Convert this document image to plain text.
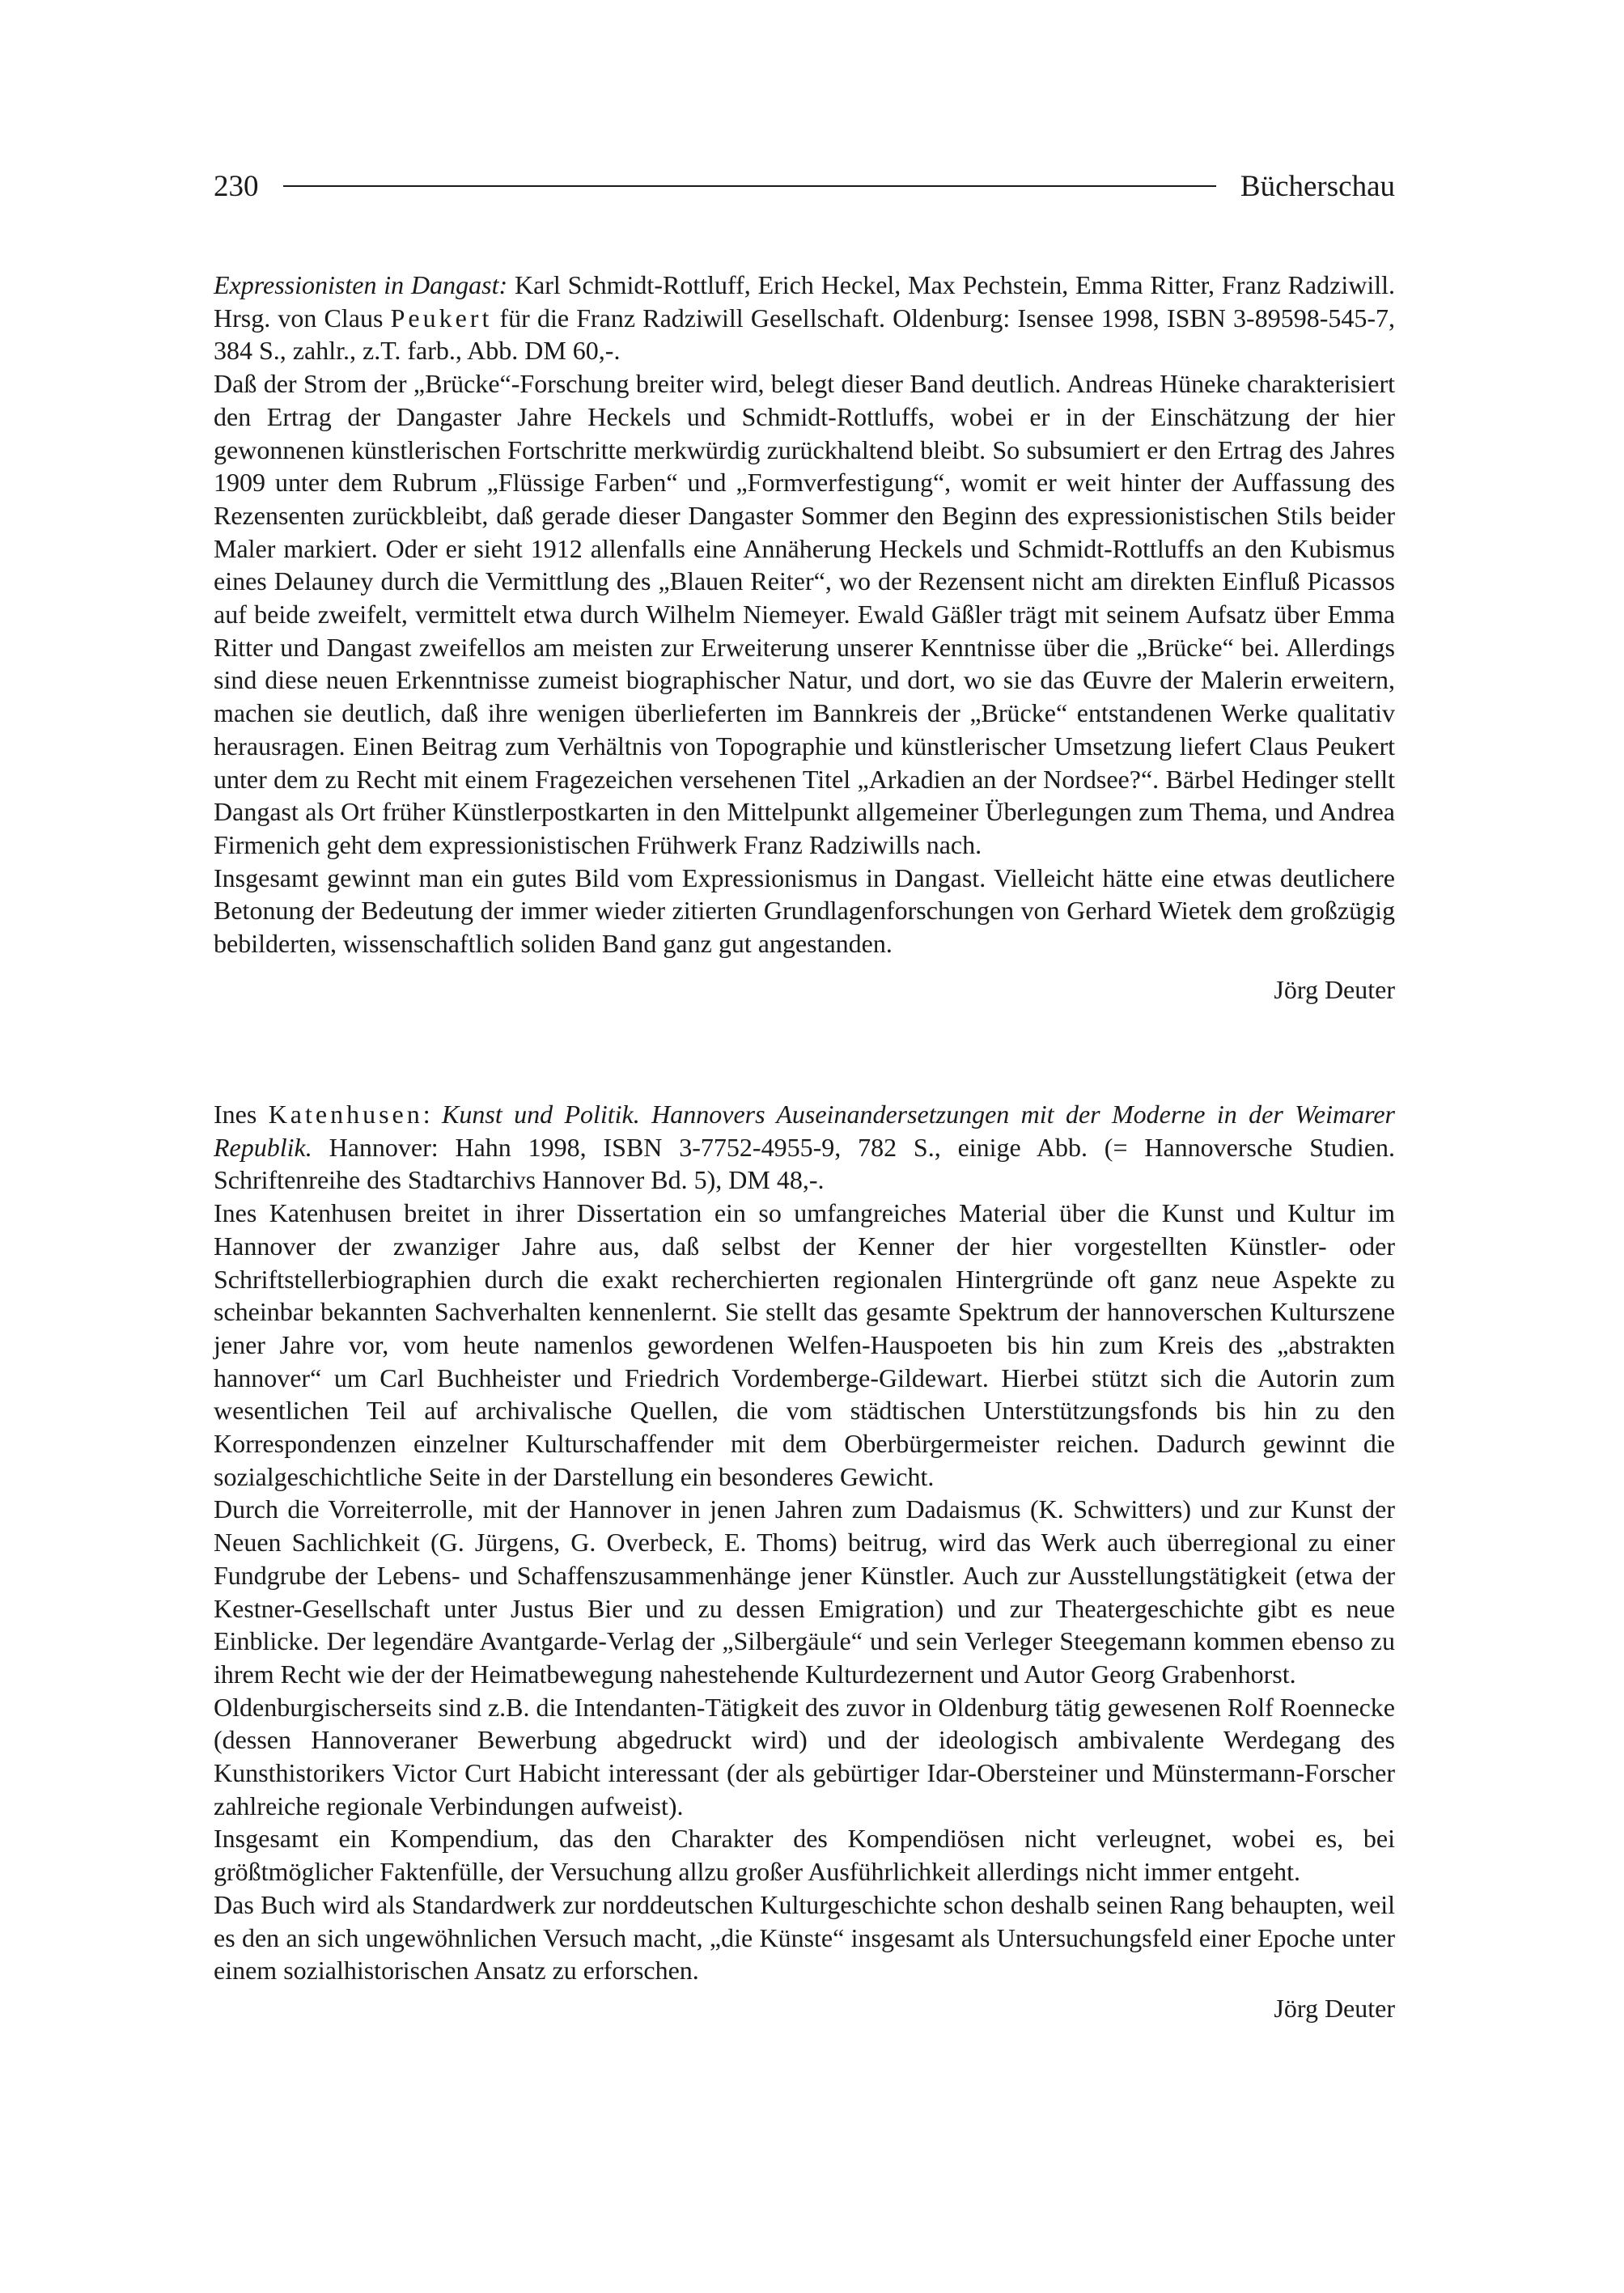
230	Bücherschau

Expressionisten in Dangast: Karl Schmidt-Rottluff, Erich Heckel, Max Pechstein, Emma Ritter, Franz Radziwill. Hrsg. von Claus Peukert für die Franz Radziwill Gesellschaft. Oldenburg: Isensee 1998, ISBN 3-89598-545-7, 384 S., zahlr., z.T. farb., Abb. DM 60,-.

Daß der Strom der „Brücke“-Forschung breiter wird, belegt dieser Band deutlich. Andreas Hüneke charakterisiert den Ertrag der Dangaster Jahre Heckels und Schmidt-Rottluffs, wobei er in der Einschätzung der hier gewonnenen künstlerischen Fortschritte merkwürdig zurückhaltend bleibt. So subsumiert er den Ertrag des Jahres 1909 unter dem Rubrum „Flüssige Farben“ und „Formverfestigung“, womit er weit hinter der Auffassung des Rezensenten zurückbleibt, daß gerade dieser Dangaster Sommer den Beginn des expressionistischen Stils beider Maler markiert. Oder er sieht 1912 allenfalls eine Annäherung Heckels und Schmidt-Rottluffs an den Kubismus eines Delauney durch die Vermittlung des „Blauen Reiter“, wo der Rezensent nicht am direkten Einfluß Picassos auf beide zweifelt, vermittelt etwa durch Wilhelm Niemeyer. Ewald Gäßler trägt mit seinem Aufsatz über Emma Ritter und Dangast zweifellos am meisten zur Erweiterung unserer Kenntnisse über die „Brücke“ bei. Allerdings sind diese neuen Erkenntnisse zumeist biographischer Natur, und dort, wo sie das Œuvre der Malerin erweitern, machen sie deutlich, daß ihre wenigen überlieferten im Bannkreis der „Brücke“ entstandenen Werke qualitativ herausragen. Einen Beitrag zum Verhältnis von Topographie und künstlerischer Umsetzung liefert Claus Peukert unter dem zu Recht mit einem Fragezeichen versehenen Titel „Arkadien an der Nordsee?“. Bärbel Hedinger stellt Dangast als Ort früher Künstlerpostkarten in den Mittelpunkt allgemeiner Überlegungen zum Thema, und Andrea Firmenich geht dem expressionistischen Frühwerk Franz Radziwills nach.

Insgesamt gewinnt man ein gutes Bild vom Expressionismus in Dangast. Vielleicht hätte eine etwas deutlichere Betonung der Bedeutung der immer wieder zitierten Grundlagenforschungen von Gerhard Wietek dem großzügig bebilderten, wissenschaftlich soliden Band ganz gut angestanden.

Jörg Deuter

Ines Katenhusen: Kunst und Politik. Hannovers Auseinandersetzungen mit der Moderne in der Weimarer Republik. Hannover: Hahn 1998, ISBN 3-7752-4955-9, 782 S., einige Abb. (= Hannoversche Studien. Schriftenreihe des Stadtarchivs Hannover Bd. 5), DM 48,-.

Ines Katenhusen breitet in ihrer Dissertation ein so umfangreiches Material über die Kunst und Kultur im Hannover der zwanziger Jahre aus, daß selbst der Kenner der hier vorgestellten Künstler- oder Schriftstellerbiographien durch die exakt recherchierten regionalen Hintergründe oft ganz neue Aspekte zu scheinbar bekannten Sachverhalten kennenlernt. Sie stellt das gesamte Spektrum der hannoverschen Kulturszene jener Jahre vor, vom heute namenlos gewordenen Welfen-Hauspoeten bis hin zum Kreis des „abstrakten hannover“ um Carl Buchheister und Friedrich Vordemberge-Gildewart. Hierbei stützt sich die Autorin zum wesentlichen Teil auf archivalische Quellen, die vom städtischen Unterstützungsfonds bis hin zu den Korrespondenzen einzelner Kulturschaffender mit dem Oberbürgermeister reichen. Dadurch gewinnt die sozialgeschichtliche Seite in der Darstellung ein besonderes Gewicht.

Durch die Vorreiterrolle, mit der Hannover in jenen Jahren zum Dadaismus (K. Schwitters) und zur Kunst der Neuen Sachlichkeit (G. Jürgens, G. Overbeck, E. Thoms) beitrug, wird das Werk auch überregional zu einer Fundgrube der Lebens- und Schaffenszusammenhänge jener Künstler. Auch zur Ausstellungstätigkeit (etwa der Kestner-Gesellschaft unter Justus Bier und zu dessen Emigration) und zur Theatergeschichte gibt es neue Einblicke. Der legendäre Avantgarde-Verlag der „Silbergäule“ und sein Verleger Steegemann kommen ebenso zu ihrem Recht wie der der Heimatbewegung nahestehende Kulturdezernent und Autor Georg Grabenhorst.

Oldenburgischerseits sind z.B. die Intendanten-Tätigkeit des zuvor in Oldenburg tätig gewesenen Rolf Roennecke (dessen Hannoveraner Bewerbung abgedruckt wird) und der ideologisch ambivalente Werdegang des Kunsthistorikers Victor Curt Habicht interessant (der als gebürtiger Idar-Obersteiner und Münstermann-Forscher zahlreiche regionale Verbindungen aufweist).

Insgesamt ein Kompendium, das den Charakter des Kompendiösen nicht verleugnet, wobei es, bei größtmöglicher Faktenfülle, der Versuchung allzu großer Ausführlichkeit allerdings nicht immer entgeht.

Das Buch wird als Standardwerk zur norddeutschen Kulturgeschichte schon deshalb seinen Rang behaupten, weil es den an sich ungewöhnlichen Versuch macht, „die Künste“ insgesamt als Untersuchungsfeld einer Epoche unter einem sozialhistorischen Ansatz zu erforschen.

Jörg Deuter
